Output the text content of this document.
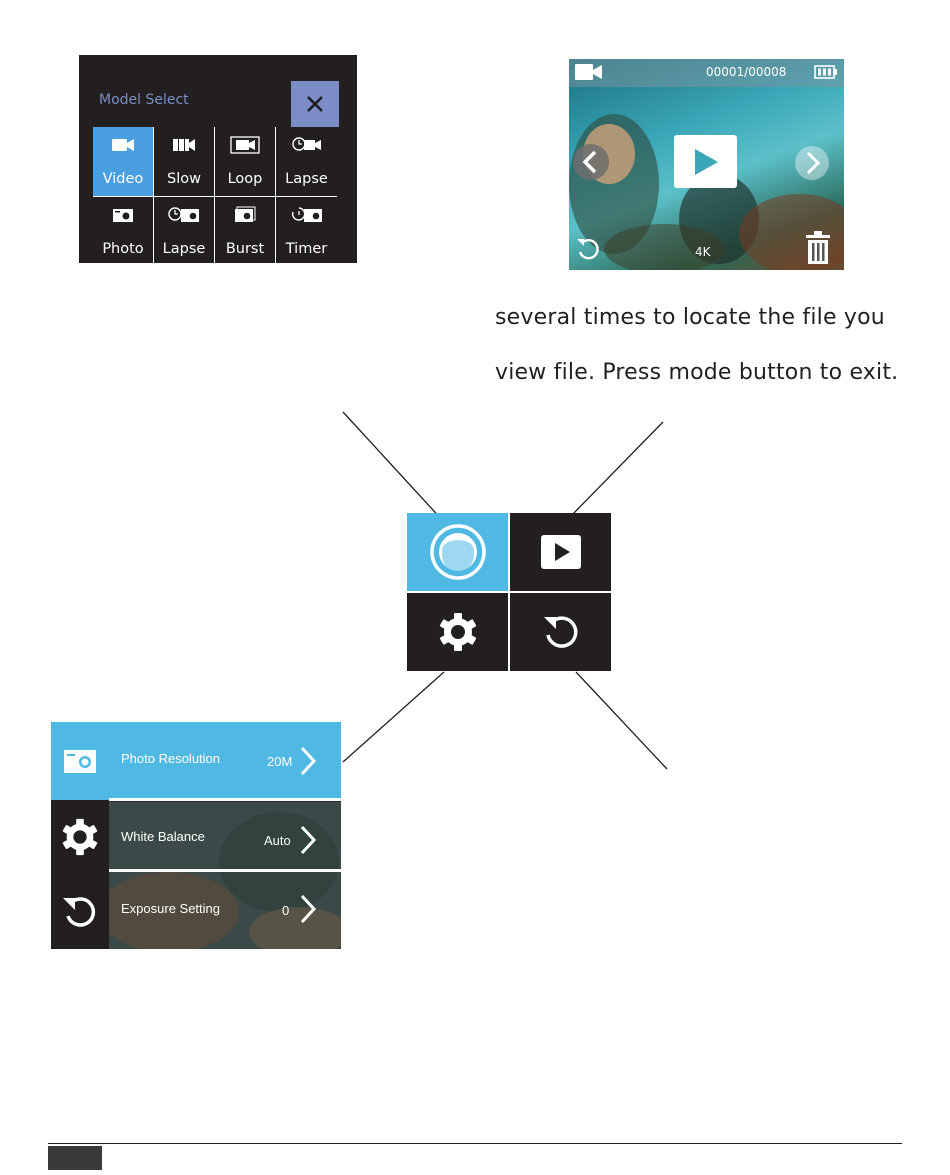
Model Select
Video Slow Loop Lapse
Photo Lapse Burst Timer
00001/00008
4K
several times to locate the file you
view file. Press mode button to exit.
Photo Resolution	20M
White Balance	Auto
Exposure Setting	0
